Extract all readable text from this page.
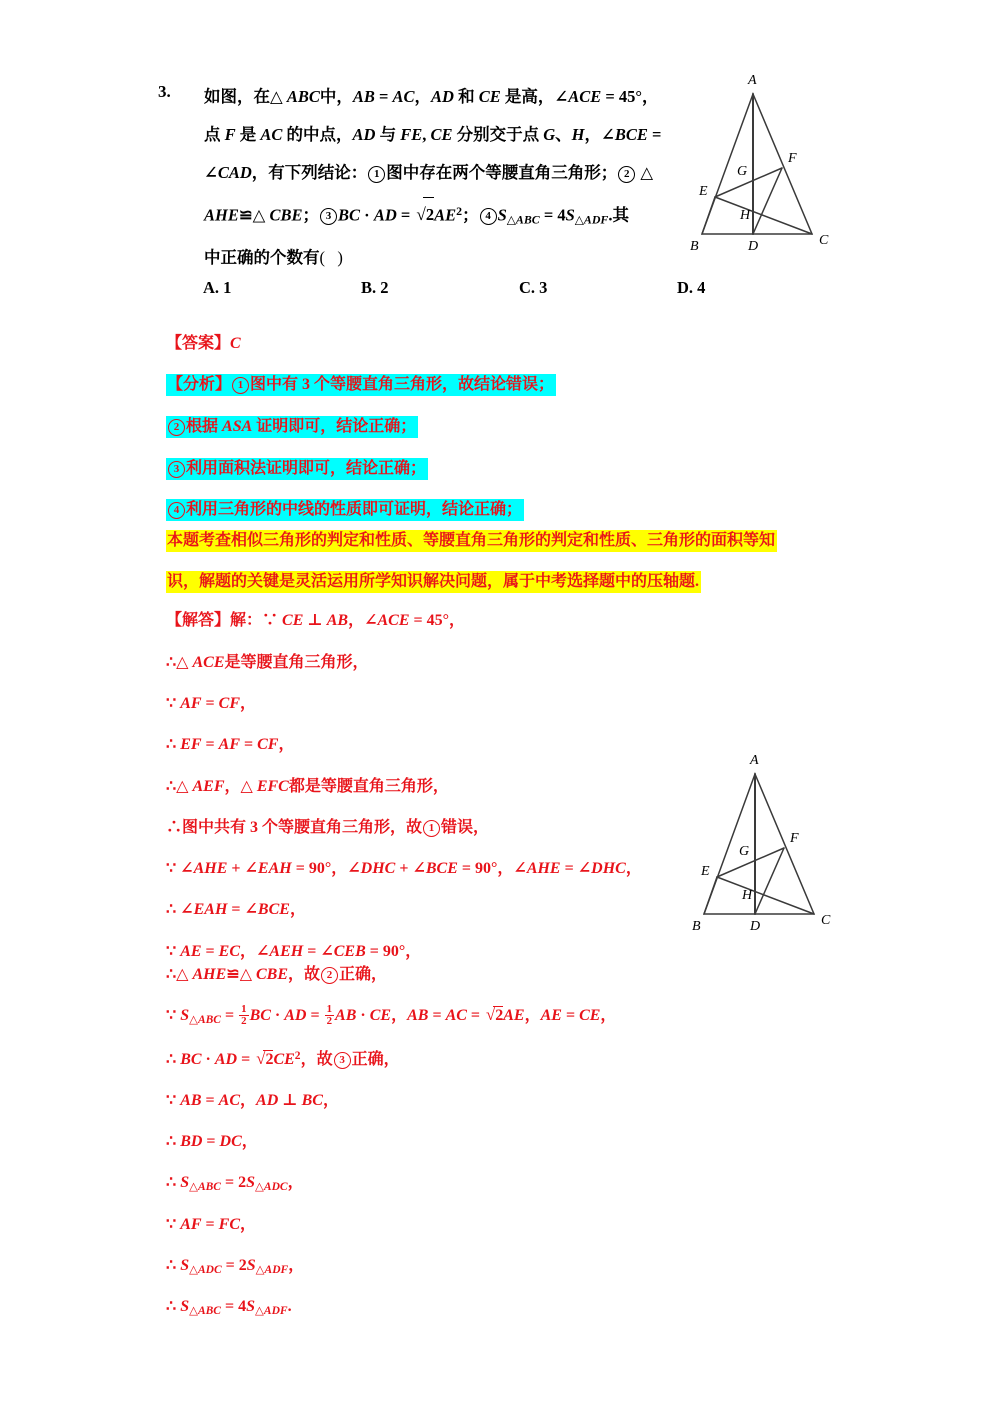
3. 如图，在△ ABC中，AB = AC，AD 和 CE 是高，∠ACE = 45°，
点 F 是 AC 的中点，AD 与 FE, CE 分别交于点 G、H，∠BCE =
∠CAD，有下列结论： 1 图中存在两个等腰直角三角形； 2 △
AHE≌△ CBE； 3 BC · AD = √
$2AE^2$； 4 $S_{\triangle ABC} = 4S_{\triangle ADF}$.其
中正确的个数有(   )
A
B	C
D
E
F
G
H
A. 1	B. 2	C. 3	D. 4
【答案】C
【分析】 1 图中有 3 个等腰直角三角形，故结论错误；
2 根据 ASA 证明即可，结论正确；
3 利用面积法证明即可，结论正确；
4 利用三角形的中线的性质即可证明，结论正确；
本题考查相似三角形的判定和性质、等腰直角三角形的判定和性质、三角形的面积等知
识，解题的关键是灵活运用所学知识解决问题，属于中考选择题中的压轴题.
【解答】解：∵ CE ⊥ AB，∠ACE = 45°，
∴△ ACE是等腰直角三角形，
∵ AF = CF，
∴ EF = AF = CF，
∴△ AEF，△ EFC都是等腰直角三角形，
∴图中共有 3 个等腰直角三角形，故 1 错误，
∵ ∠AHE + ∠EAH = 90°，∠DHC + ∠BCE = 90°，∠AHE = ∠DHC，
∴ ∠EAH = ∠BCE，
∵ AE = EC，∠AEH = ∠CEB = 90°，
∴△ AHE≌△ CBE，故 2 正确，
∵ $S_{\triangle ABC} = \frac{1}{2}$ BC · AD = $\frac{1}{2}$ AB · CE，AB = AC = √
2AE，AE = CE，
∴ BC · AD = √
$2CE^2$，故 3 正确，
∵ AB = AC，AD ⊥ BC，
∴ BD = DC，
∴ $S_{\triangle ABC} = 2S_{\triangle ADC}$，
∵ AF = FC，
∴ $S_{\triangle ADC} = 2S_{\triangle ADF}$，
∴ $S_{\triangle ABC} = 4S_{\triangle ADF}$.
A
B	C
D
E
F
G
H
